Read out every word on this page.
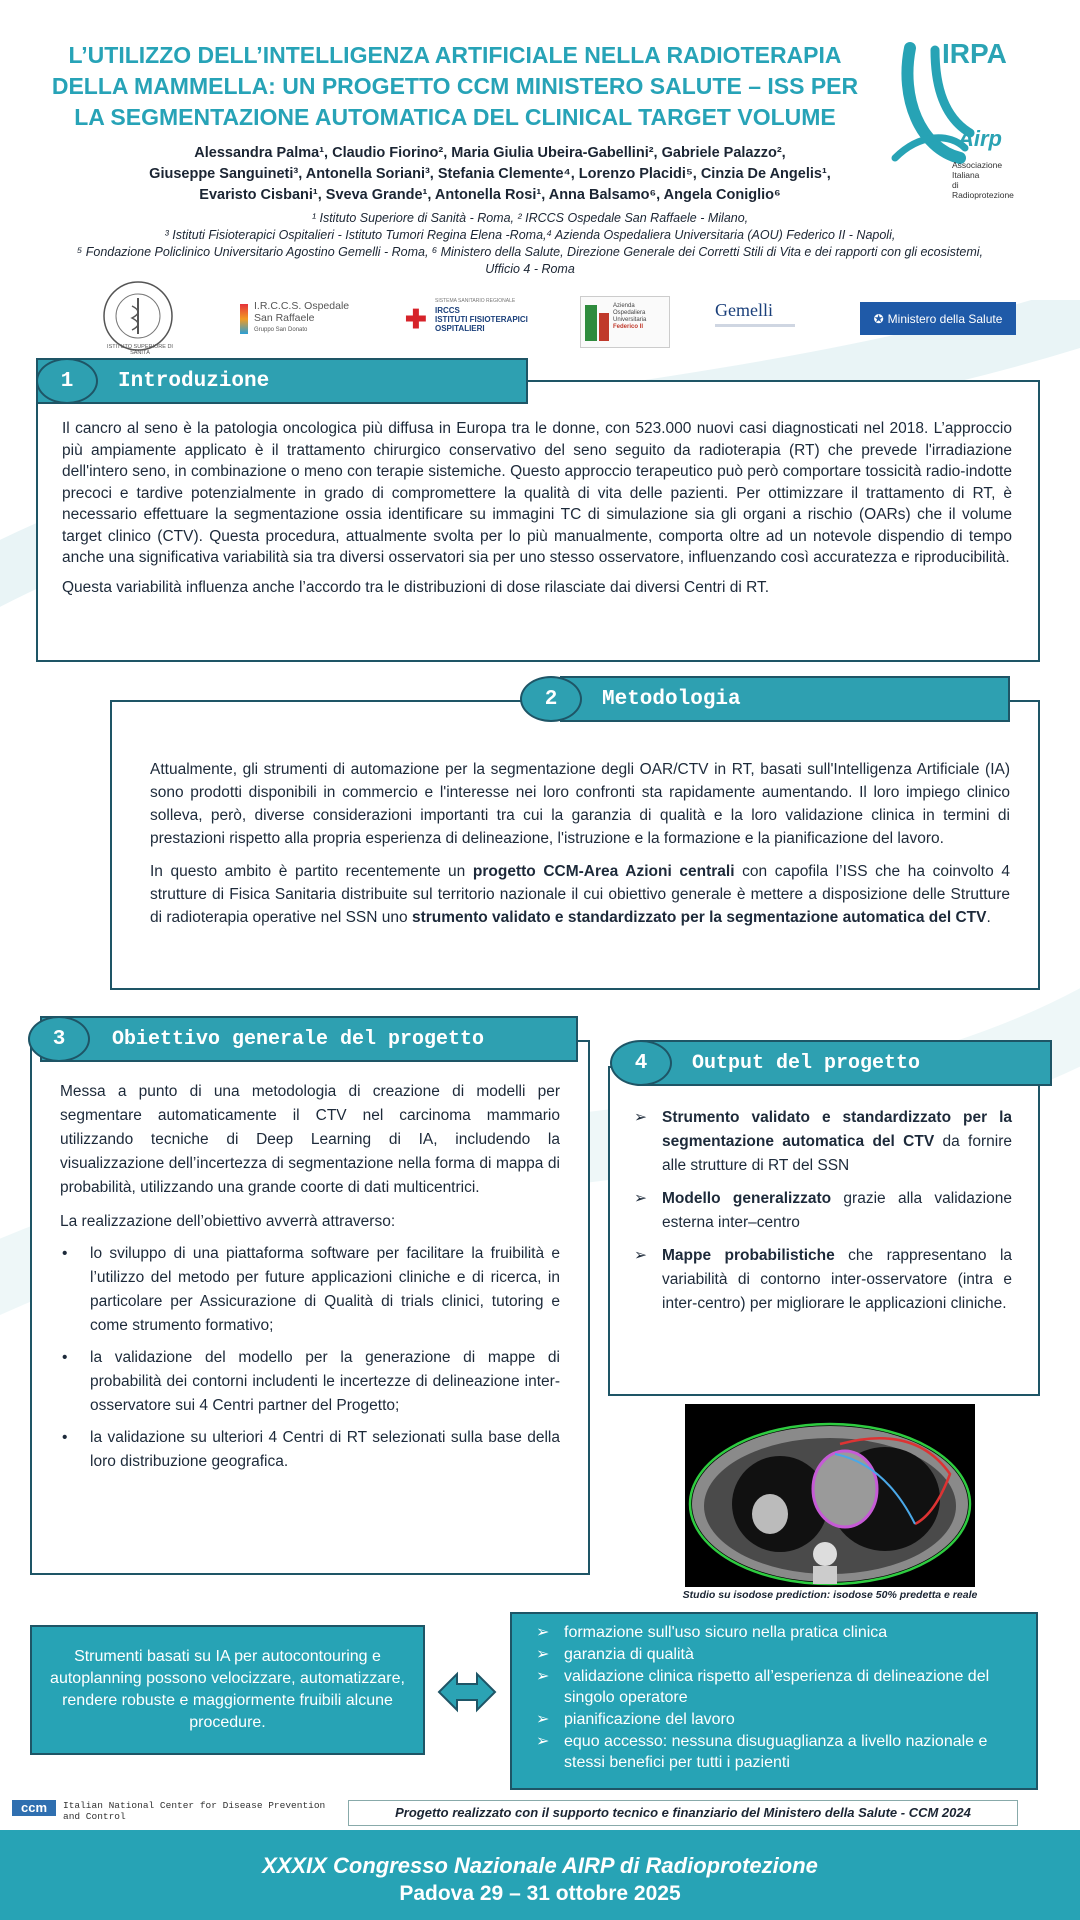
L’UTILIZZO DELL’INTELLIGENZA ARTIFICIALE NELLA RADIOTERAPIA
DELLA MAMMELLA: UN PROGETTO CCM MINISTERO SALUTE – ISS PER
LA SEGMENTAZIONE AUTOMATICA DEL CLINICAL TARGET VOLUME
IRPA
Airp
Associazione Italiana
di Radioprotezione
Alessandra Palma¹, Claudio Fiorino², Maria Giulia Ubeira-Gabellini², Gabriele Palazzo²,
Giuseppe Sanguineti³, Antonella Soriani³, Stefania Clemente⁴, Lorenzo Placidi⁵, Cinzia De Angelis¹,
Evaristo Cisbani¹, Sveva Grande¹, Antonella Rosi¹, Anna Balsamo⁶, Angela Coniglio⁶
¹ Istituto Superiore di Sanità - Roma, ² IRCCS Ospedale San Raffaele - Milano,
³ Istituti Fisioterapici Ospitalieri - Istituto Tumori Regina Elena -Roma,⁴ Azienda Ospedaliera Universitaria (AOU) Federico II - Napoli,
⁵ Fondazione Policlinico Universitario Agostino Gemelli - Roma, ⁶ Ministero della Salute, Direzione Generale dei Corretti Stili di Vita e dei rapporti con gli ecosistemi, Ufficio 4 - Roma
ISTITUTO SUPERIORE DI SANITÀ
I.R.C.C.S. Ospedale
San Raffaele
Gruppo San Donato	✚
SISTEMA SANITARIO REGIONALE
IRCCS
ISTITUTI FISIOTERAPICI
OSPITALIERI
Azienda
Ospedaliera
Universitaria
Federico II
Gemelli	✪ Ministero della Salute
Introduzione
1

Il cancro al seno è la patologia oncologica più diffusa in Europa tra le donne, con 523.000 nuovi casi diagnosticati nel 2018. L’approccio più ampiamente applicato è il trattamento chirurgico conservativo del seno seguito da radioterapia (RT) che prevede l'irradiazione dell'intero seno, in combinazione o meno con terapie sistemiche. Questo approccio terapeutico può però comportare tossicità radio-indotte precoci e tardive potenzialmente in grado di compromettere la qualità di vita delle pazienti. Per ottimizzare il trattamento di RT, è necessario effettuare la segmentazione ossia identificare su immagini TC di simulazione sia gli organi a rischio (OARs) che il volume target clinico (CTV). Questa procedura, attualmente svolta per lo più manualmente, comporta oltre ad un notevole dispendio di tempo anche una significativa variabilità sia tra diversi osservatori sia per uno stesso osservatore, influenzando così accuratezza e riproducibilità.

Questa variabilità influenza anche l’accordo tra le distribuzioni di dose rilasciate dai diversi Centri di RT.

Metodologia
2

Attualmente, gli strumenti di automazione per la segmentazione degli OAR/CTV in RT, basati sull'Intelligenza Artificiale (IA) sono prodotti disponibili in commercio e l'interesse nei loro confronti sta rapidamente aumentando. Il loro impiego clinico solleva, però, diverse considerazioni importanti tra cui la garanzia di qualità e la loro validazione clinica in termini di prestazioni rispetto alla propria esperienza di delineazione, l'istruzione e la formazione e la pianificazione del lavoro.

In questo ambito è partito recentemente un progetto CCM-Area Azioni centrali con capofila l’ISS che ha coinvolto 4 strutture di Fisica Sanitaria distribuite sul territorio nazionale il cui obiettivo generale è mettere a disposizione delle Strutture di radioterapia operative nel SSN uno strumento validato e standardizzato per la segmentazione automatica del CTV.

Obiettivo generale del progetto
3

Messa a punto di una metodologia di creazione di modelli per segmentare automaticamente il CTV nel carcinoma mammario utilizzando tecniche di Deep Learning di IA, includendo la visualizzazione dell’incertezza di segmentazione nella forma di mappa di probabilità, utilizzando una grande coorte di dati multicentrici.

La realizzazione dell’obiettivo avverrà attraverso:

• lo sviluppo di una piattaforma software per facilitare la fruibilità e l’utilizzo del metodo per future applicazioni cliniche e di ricerca, in particolare per Assicurazione di Qualità di trials clinici, tutoring e come strumento formativo;
• la validazione del modello per la generazione di mappe di probabilità dei contorni includenti le incertezze di delineazione inter-osservatore sui 4 Centri partner del Progetto;
• la validazione su ulteriori 4 Centri di RT selezionati sulla base della loro distribuzione geografica.
Output del progetto
4
➢ Strumento validato e standardizzato per la segmentazione automatica del CTV da fornire alle strutture di RT del SSN
➢ Modello generalizzato grazie alla validazione esterna inter–centro
➢ Mappe probabilistiche che rappresentano la variabilità di contorno inter-osservatore (intra e inter-centro) per migliorare le applicazioni cliniche.
Studio su isodose prediction: isodose 50% predetta e reale
Strumenti basati su IA per autocontouring e autoplanning possono velocizzare, automatizzare, rendere robuste e maggiormente fruibili alcune procedure.
➢ formazione sull'uso sicuro nella pratica clinica
➢ garanzia di qualità
➢ validazione clinica rispetto all’esperienza di delineazione del singolo operatore
➢ pianificazione del lavoro
➢ equo accesso: nessuna disuguaglianza a livello nazionale e stessi benefici per tutti i pazienti
ccm	Italian National Center for Disease Prevention
and Control	Progetto realizzato con il supporto tecnico e finanziario del Ministero della Salute - CCM 2024
XXXIX Congresso Nazionale AIRP di Radioprotezione
Padova 29 – 31 ottobre 2025
